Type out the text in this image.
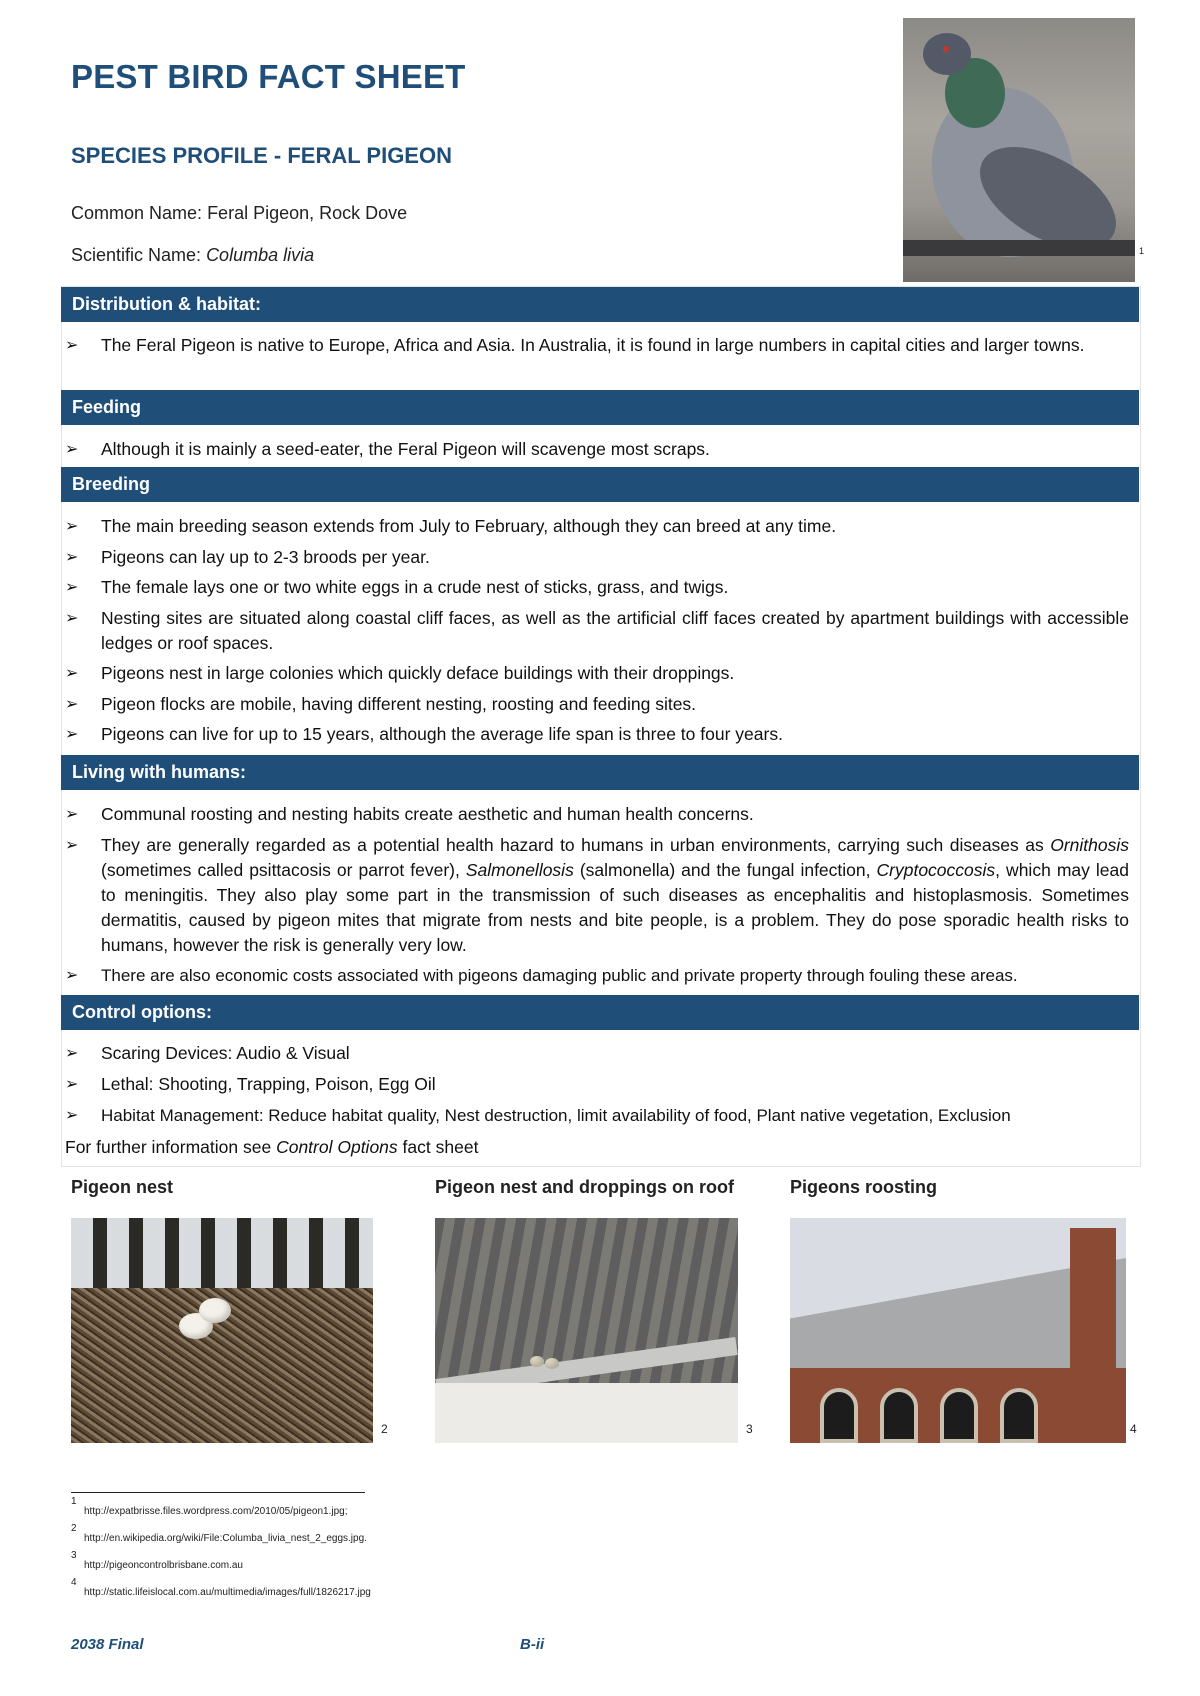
PEST BIRD FACT SHEET
SPECIES PROFILE - FERAL PIGEON
Common Name: Feral Pigeon, Rock Dove
Scientific Name: Columba livia	1
Distribution & habitat:
➢ The Feral Pigeon is native to Europe, Africa and Asia. In Australia, it is found in large numbers in capital cities and larger towns.
Feeding
➢ Although it is mainly a seed-eater, the Feral Pigeon will scavenge most scraps.
Breeding
➢ The main breeding season extends from July to February, although they can breed at any time.
➢ Pigeons can lay up to 2-3 broods per year.
➢ The female lays one or two white eggs in a crude nest of sticks, grass, and twigs.
➢ Nesting sites are situated along coastal cliff faces, as well as the artificial cliff faces created by apartment buildings with accessible ledges or roof spaces.
➢ Pigeons nest in large colonies which quickly deface buildings with their droppings.
➢ Pigeon flocks are mobile, having different nesting, roosting and feeding sites.
➢ Pigeons can live for up to 15 years, although the average life span is three to four years.
Living with humans:
➢ Communal roosting and nesting habits create aesthetic and human health concerns.
➢ They are generally regarded as a potential health hazard to humans in urban environments, carrying such diseases as Ornithosis (sometimes called psittacosis or parrot fever), Salmonellosis (salmonella) and the fungal infection, Cryptococcosis, which may lead to meningitis. They also play some part in the transmission of such diseases as encephalitis and histoplasmosis. Sometimes dermatitis, caused by pigeon mites that migrate from nests and bite people, is a problem. They do pose sporadic health risks to humans, however the risk is generally very low.
➢ There are also economic costs associated with pigeons damaging public and private property through fouling these areas.
Control options:
➢ Scaring Devices: Audio & Visual
➢ Lethal: Shooting, Trapping, Poison, Egg Oil
➢ Habitat Management: Reduce habitat quality, Nest destruction, limit availability of food, Plant native vegetation, Exclusion
For further information see Control Options fact sheet
Pigeon nest	Pigeon nest and droppings on roof	Pigeons roosting
2	3	4
$^1$
http://expatbrisse.files.wordpress.com/2010/05/pigeon1.jpg;
$^2$
http://en.wikipedia.org/wiki/File:Columba_livia_nest_2_eggs.jpg.
$^3$
http://pigeoncontrolbrisbane.com.au
$^4$
http://static.lifeislocal.com.au/multimedia/images/full/1826217.jpg
2038 Final	B-ii
